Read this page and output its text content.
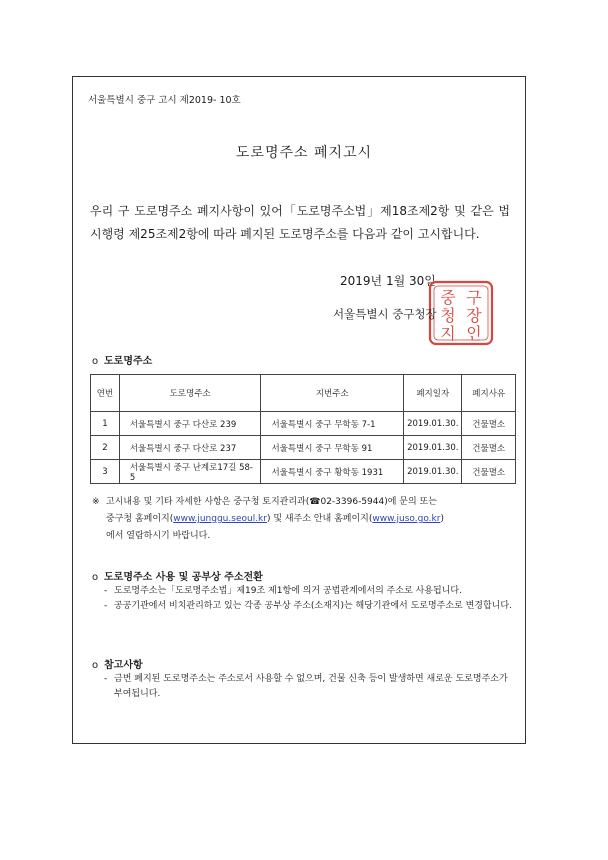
서울특별시 중구 고시 제2019- 10호
도로명주소 폐지고시
우리 구 도로명주소 폐지사항이 있어「도로명주소법」제18조제2항 및 같은 법 시행령 제25조제2항에 따라 폐지된 도로명주소를 다음과 같이 고시합니다.
2019년 1월 30일
서울특별시 중구청장
중 구
청 장
지 인
o 도로명주소
연번	도로명주소	지번주소	폐지일자	폐지사유
1	서울특별시 중구 다산로 239	서울특별시 중구 무학동 7-1	2019.01.30.	건물멸소
2	서울특별시 중구 다산로 237	서울특별시 중구 무학동 91	2019.01.30.	건물멸소
3	서울특별시 중구 난계로17길 58-5	서울특별시 중구 황학동 1931	2019.01.30.	건물멸소
※ 고시내용 및 기타 자세한 사항은 중구청 토지관리과(☎02-3396-5944)에 문의 또는
중구청 홈페이지(www.junggu.seoul.kr) 및 새주소 안내 홈페이지(www.juso.go.kr)
에서 열람하시기 바랍니다.
o 도로명주소 사용 및 공부상 주소전환
- 도로명주소는「도로명주소법」제19조 제1항에 의거 공법관계에서의 주소로 사용됩니다.
- 공공기관에서 비치관리하고 있는 각종 공부상 주소(소재지)는 해당기관에서 도로명주소로 변경합니다.
o 참고사항
- 금번 폐지된 도로명주소는 주소로서 사용할 수 없으며, 건물 신축 등이 발생하면 새로운 도로명주소가 부여됩니다.
